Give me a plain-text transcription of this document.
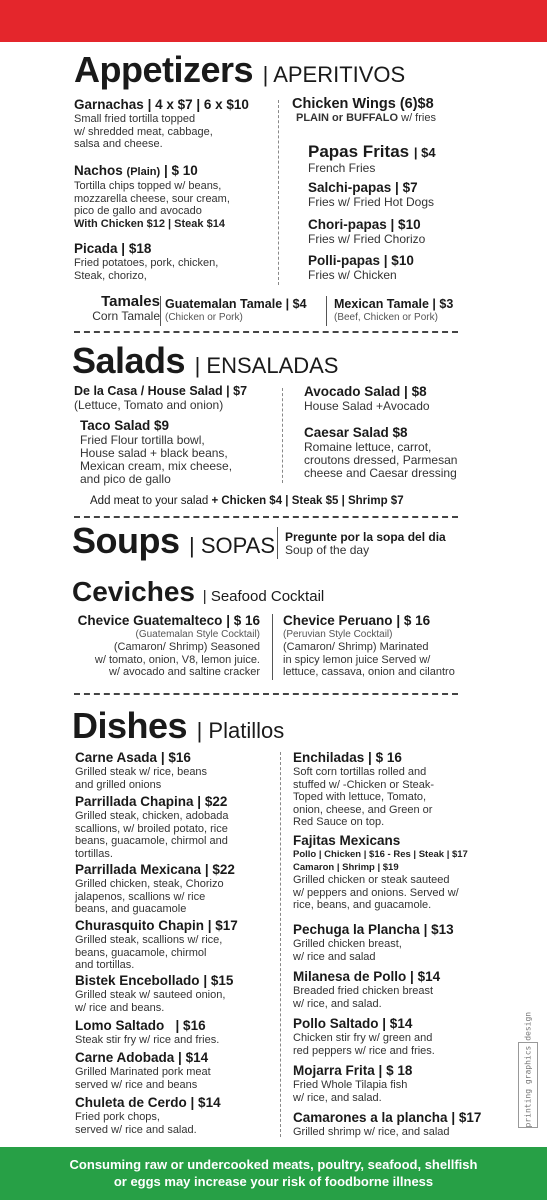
Appetizers | APERITIVOS
Garnachas | 4 x $7 | 6 x $10
Small fried tortilla topped
w/ shredded meat, cabbage,
salsa and cheese.
Nachos (Plain) | $ 10
Tortilla chips topped w/ beans,
mozzarella cheese, sour cream,
pico de gallo and avocado
With Chicken $12 | Steak $14
Picada | $18
Fried potatoes, pork, chicken,
Steak, chorizo,
Chicken Wings (6)$8
PLAIN or BUFFALO w/ fries
Papas Fritas | $4
French Fries
Salchi-papas | $7
Fries w/ Fried Hot Dogs
Chori-papas | $10
Fries w/ Fried Chorizo
Polli-papas | $10
Fries w/ Chicken
Tamales
Corn Tamale
Guatemalan Tamale | $4
(Chicken or Pork)
Mexican Tamale | $3
(Beef, Chicken or Pork)
Salads | ENSALADAS
De la Casa / House Salad | $7
(Lettuce, Tomato and onion)
Taco Salad $9
Fried Flour tortilla bowl,
House salad + black beans,
Mexican cream, mix cheese,
and pico de gallo
Avocado Salad | $8
House Salad +Avocado
Caesar Salad $8
Romaine lettuce, carrot,
croutons dressed, Parmesan
cheese and Caesar dressing
Add meat to your salad + Chicken $4 | Steak $5 | Shrimp $7
Soups | SOPAS Pregunte por la sopa del dia
Soup of the day
Ceviches | Seafood Cocktail
Chevice Guatemalteco | $ 16
(Guatemalan Style Cocktail)
(Camaron/ Shrimp) Seasoned
w/ tomato, onion, V8, lemon juice.
w/ avocado and saltine cracker
Chevice Peruano | $ 16
(Peruvian Style Cocktail)
(Camaron/ Shrimp) Marinated
in spicy lemon juice Served w/
lettuce, cassava, onion and cilantro
Dishes | Platillos
Carne Asada | $16
Grilled steak w/ rice, beans
and grilled onions
Parrillada Chapina | $22
Grilled steak, chicken, adobada
scallions, w/ broiled potato, rice
beans, guacamole, chirmol and
tortillas.
Parrillada Mexicana | $22
Grilled chicken, steak, Chorizo
jalapenos, scallions w/ rice
beans, and guacamole
Churasquito Chapin | $17
Grilled steak, scallions w/ rice,
beans, guacamole, chirmol
and tortillas.
Bistek Encebollado | $15
Grilled steak w/ sauteed onion,
w/ rice and beans.
Lomo Saltado | $16
Steak stir fry w/ rice and fries.
Carne Adobada | $14
Grilled Marinated pork meat
served w/ rice and beans
Chuleta de Cerdo | $14
Fried pork chops,
served w/ rice and salad.
Enchiladas | $ 16
Soft corn tortillas rolled and
stuffed w/ -Chicken or Steak-
Toped with lettuce, Tomato,
onion, cheese, and Green or
Red Sauce on top.
Fajitas Mexicans
Pollo | Chicken | $16 - Res | Steak | $17
Camaron | Shrimp | $19
Grilled chicken or steak sauteed
w/ peppers and onions. Served w/
rice, beans, and guacamole.
Pechuga la Plancha | $13
Grilled chicken breast,
w/ rice and salad
Milanesa de Pollo | $14
Breaded fried chicken breast
w/ rice, and salad.
Pollo Saltado | $14
Chicken stir fry w/ green and
red peppers w/ rice and fries.
Mojarra Frita | $ 18
Fried Whole Tilapia fish
w/ rice, and salad.
Camarones a la plancha | $17
Grilled shrimp w/ rice, and salad
printing graphics design
Consuming raw or undercooked meats, poultry, seafood, shellfish
or eggs may increase your risk of foodborne illness
